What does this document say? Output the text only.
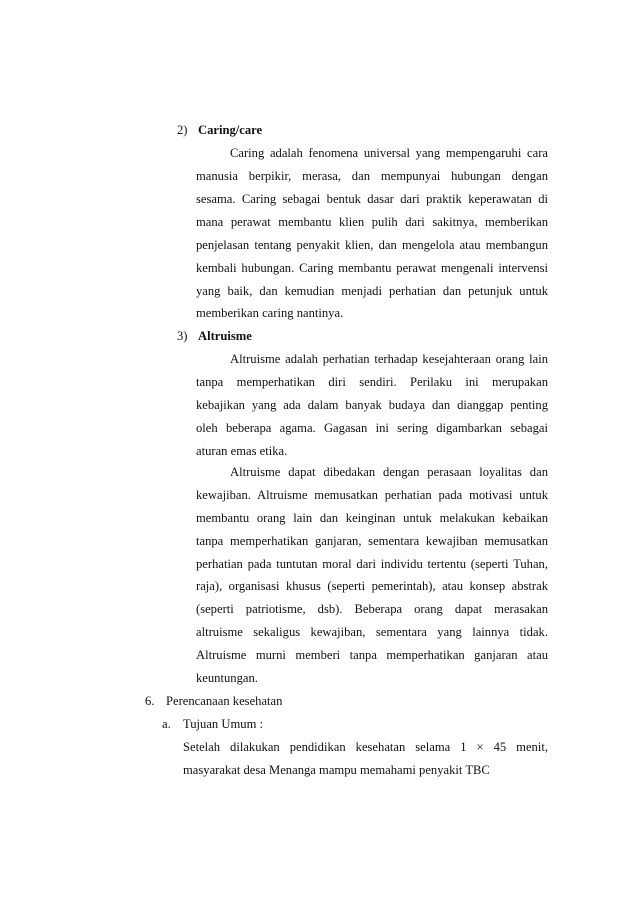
2) Caring/care
Caring adalah fenomena universal yang mempengaruhi cara
manusia berpikir, merasa, dan mempunyai hubungan dengan
sesama. Caring sebagai bentuk dasar dari praktik keperawatan di
mana perawat membantu klien pulih dari sakitnya, memberikan
penjelasan tentang penyakit klien, dan mengelola atau membangun
kembali hubungan. Caring membantu perawat mengenali intervensi
yang baik, dan kemudian menjadi perhatian dan petunjuk untuk
memberikan caring nantinya.
3) Altruisme
Altruisme adalah perhatian terhadap kesejahteraan orang lain
tanpa memperhatikan diri sendiri. Perilaku ini merupakan
kebajikan yang ada dalam banyak budaya dan dianggap penting
oleh beberapa agama. Gagasan ini sering digambarkan sebagai
aturan emas etika.
Altruisme dapat dibedakan dengan perasaan loyalitas dan
kewajiban. Altruisme memusatkan perhatian pada motivasi untuk
membantu orang lain dan keinginan untuk melakukan kebaikan
tanpa memperhatikan ganjaran, sementara kewajiban memusatkan
perhatian pada tuntutan moral dari individu tertentu (seperti Tuhan,
raja), organisasi khusus (seperti pemerintah), atau konsep abstrak
(seperti patriotisme, dsb). Beberapa orang dapat merasakan
altruisme sekaligus kewajiban, sementara yang lainnya tidak.
Altruisme murni memberi tanpa memperhatikan ganjaran atau
keuntungan.
6. Perencanaan kesehatan
a. Tujuan Umum :
Setelah dilakukan pendidikan kesehatan selama 1 × 45 menit,
masyarakat desa Menanga mampu memahami penyakit TBC
